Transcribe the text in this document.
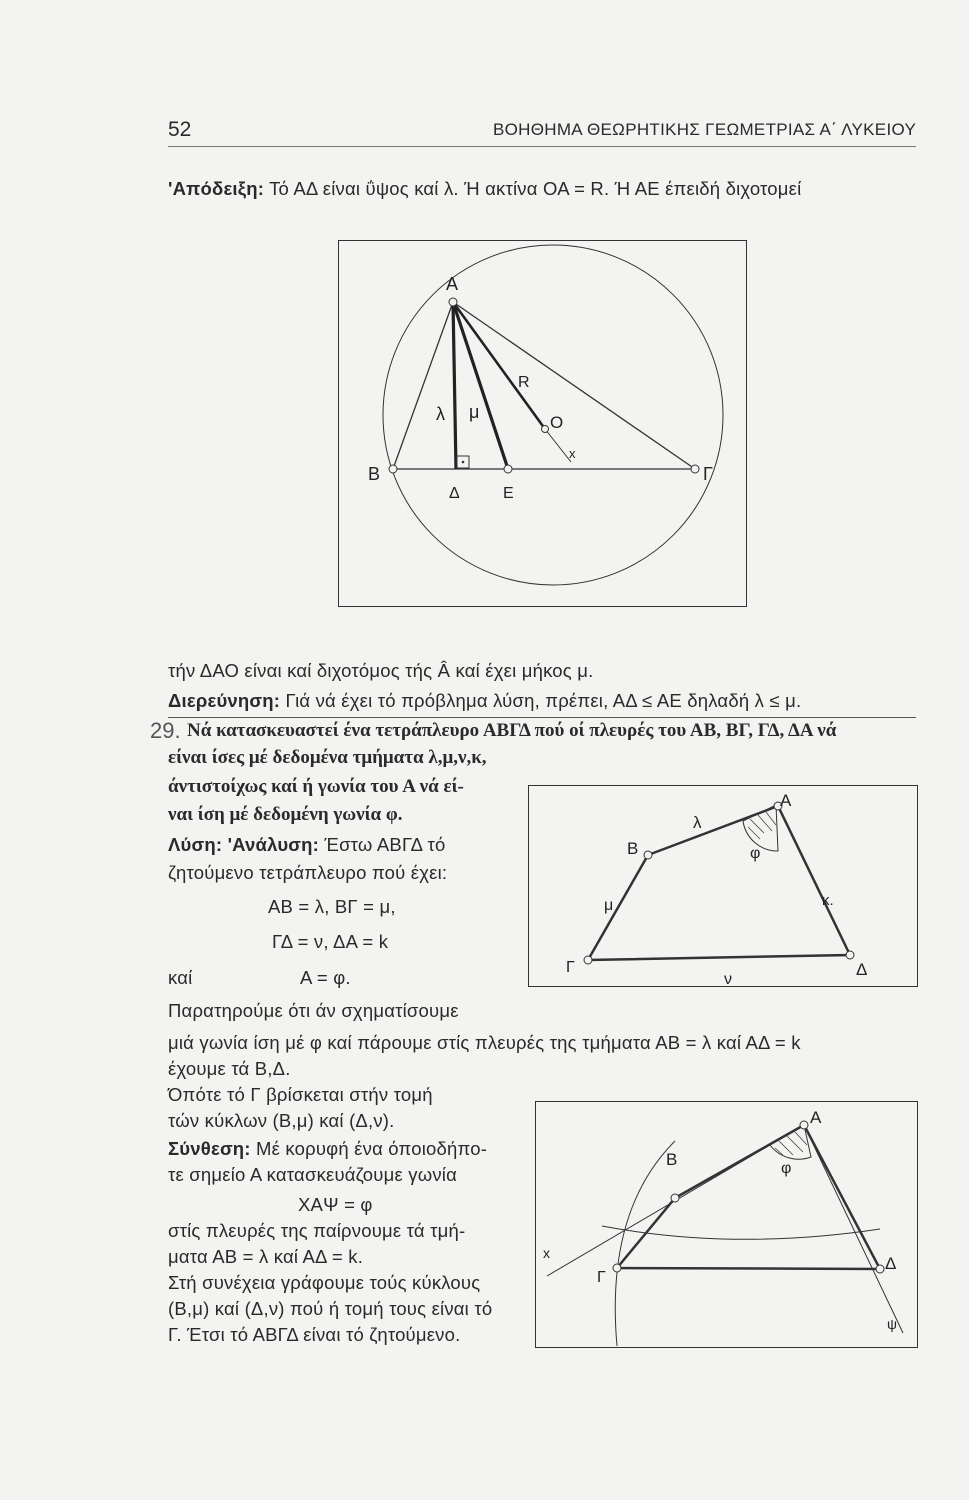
52	ΒΟΗΘΗΜΑ ΘΕΩΡΗΤΙΚΗΣ ΓΕΩΜΕΤΡΙΑΣ Α΄ ΛΥΚΕΙΟΥ
'Απόδειξη: Τό ΑΔ είναι ΰψος καί λ. Ή ακτίνα ΟΑ = R. Ή ΑΕ έπειδή διχοτομεί
A
B	Γ
Δ	E
O
R
x
λ μ
τήν ΔΑΟ είναι καί διχοτόμος τής Â καί έχει μήκος μ.
Διερεύνηση: Γιά νά έχει τό πρόβλημα λύση, πρέπει, ΑΔ ≤ ΑΕ δηλαδή λ ≤ μ.
29. Νά κατασκευαστεί ένα τετράπλευρο ΑΒΓΔ πού οί πλευρές του ΑΒ, ΒΓ, ΓΔ, ΔΑ νά
είναι ίσες μέ δεδομένα τμήματα λ,μ,ν,κ,
άντιστοίχως καί ή γωνία του Α νά εί-
ναι ίση μέ δεδομένη γωνία φ.
Λύση: 'Ανάλυση: Έστω ΑΒΓΔ τό
ζητούμενο τετράπλευρο πού έχει:
ΑΒ = λ, ΒΓ = μ,
ΓΔ = ν, ΔΑ = k
καί	Α = φ.
Παρατηρούμε ότι άν σχηματίσουμε
μιά γωνία ίση μέ φ καί πάρουμε στίς πλευρές της τμήματα ΑΒ = λ καί ΑΔ = k
έχουμε τά Β,Δ.
Όπότε τό Γ βρίσκεται στήν τομή
τών κύκλων (Β,μ) καί (Δ,ν).
Σύνθεση: Μέ κορυφή ένα όποιοδήπο-
τε σημείο Α κατασκευάζουμε γωνία
ΧΑΨ = φ
στίς πλευρές της παίρνουμε τά τμή-
ματα ΑΒ = λ καί ΑΔ = k.
Στή συνέχεια γράφουμε τούς κύκλους
(Β,μ) καί (Δ,ν) πού ή τομή τους είναι τό
Γ. Έτσι τό ΑΒΓΔ είναι τό ζητούμενο.
A
B
Γ	Δ
λ
μ
ν
κ.
φ
A
B
Γ
Δ
φ
x
ψ
